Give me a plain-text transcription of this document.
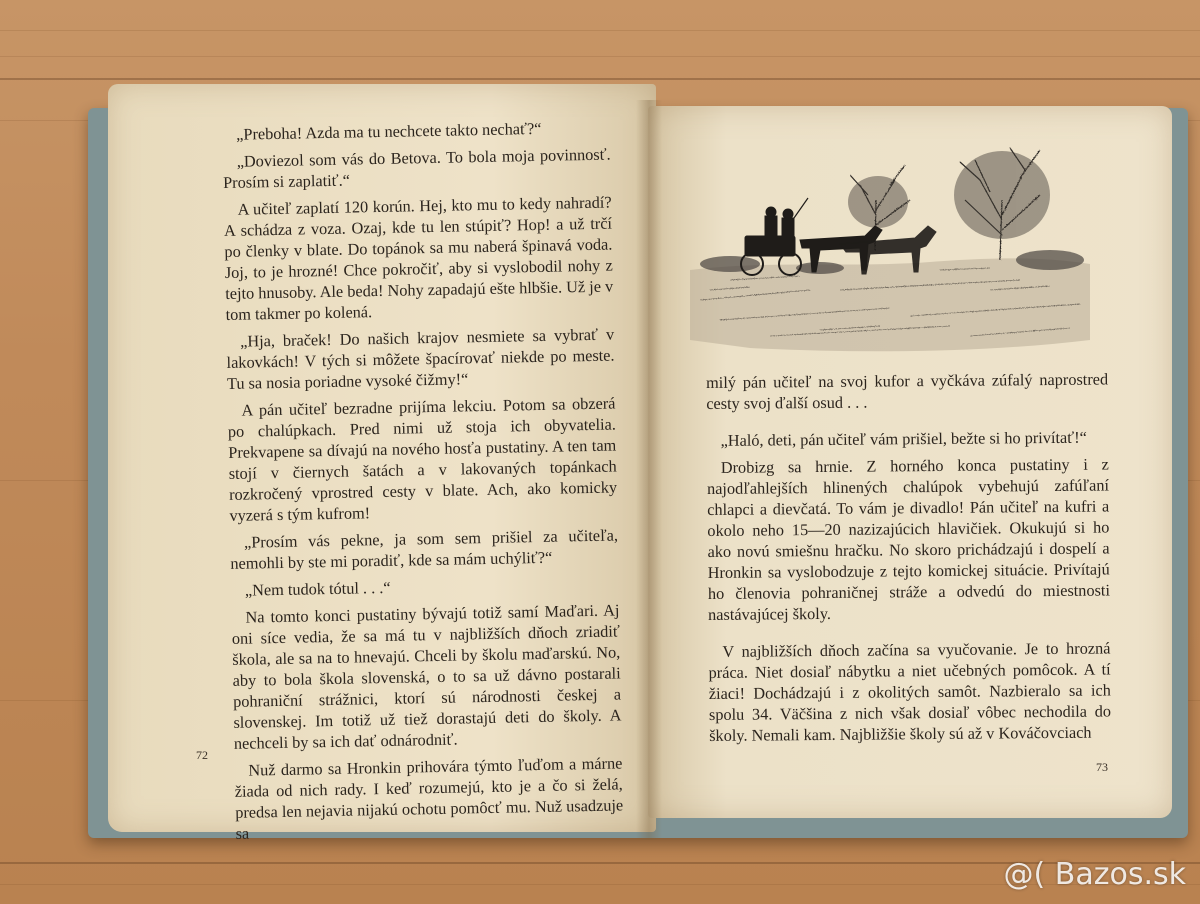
„Preboha! Azda ma tu nechcete takto nechať?“

„Doviezol som vás do Betova. To bola moja povinnosť. Prosím si zaplatiť.“

A učiteľ zaplatí 120 korún. Hej, kto mu to kedy nahradí? A schádza z voza. Ozaj, kde tu len stúpiť? Hop! a už trčí po členky v blate. Do topánok sa mu naberá špinavá voda. Joj, to je hrozné! Chce pokročiť, aby si vyslobodil nohy z tejto hnusoby. Ale beda! Nohy zapadajú ešte hlbšie. Už je v tom takmer po kolená.

„Hja, braček! Do našich krajov nesmiete sa vybrať v lakovkách! V tých si môžete špacírovať niekde po meste. Tu sa nosia poriadne vysoké čižmy!“

A pán učiteľ bezradne prijíma lekciu. Potom sa obzerá po chalúpkach. Pred nimi už stoja ich obyvatelia. Prekvapene sa dívajú na nového hosťa pustatiny. A ten tam stojí v čiernych šatách a v lakovaných topánkach rozkročený vprostred cesty v blate. Ach, ako komicky vyzerá s tým kufrom!

„Prosím vás pekne, ja som sem prišiel za učiteľa, nemohli by ste mi poradiť, kde sa mám uchýliť?“

„Nem tudok tótul . . .“

Na tomto konci pustatiny bývajú totiž samí Maďari. Aj oni síce vedia, že sa má tu v najbližších dňoch zriadiť škola, ale sa na to hnevajú. Chceli by školu maďarskú. No, aby to bola škola slovenská, o to sa už dávno postarali pohraniční strážnici, ktorí sú národnosti českej a slovenskej. Im totiž už tiež dorastajú deti do školy. A nechceli by sa ich dať odnárodniť.

Nuž darmo sa Hronkin prihovára týmto ľuďom a márne žiada od nich rady. I keď rozumejú, kto je a čo si želá, predsa len nejavia nijakú ochotu pomôcť mu. Nuž usadzuje sa

72

milý pán učiteľ na svoj kufor a vyčkáva zúfalý naprostred cesty svoj ďalší osud . . .

„Haló, deti, pán učiteľ vám prišiel, bežte si ho privítať!“

Drobizg sa hrnie. Z horného konca pustatiny i z najodľahlejších hlinených chalúpok vybehujú zafúľaní chlapci a dievčatá. To vám je divadlo! Pán učiteľ na kufri a okolo neho 15—20 nazizajúcich hlavičiek. Okukujú si ho ako novú smiešnu hračku. No skoro prichádzajú i dospelí a Hronkin sa vyslobodzuje z tejto komickej situácie. Privítajú ho členovia pohraničnej stráže a odvedú do miestnosti nastávajúcej školy.

V najbližších dňoch začína sa vyučovanie. Je to hrozná práca. Niet dosiaľ nábytku a niet učebných pomôcok. A tí žiaci! Dochádzajú i z okolitých samôt. Nazbieralo sa ich spolu 34. Väčšina z nich však dosiaľ vôbec nechodila do školy. Nemali kam. Najbližšie školy sú až v Kováčovciach

73
@( Bazos.sk
